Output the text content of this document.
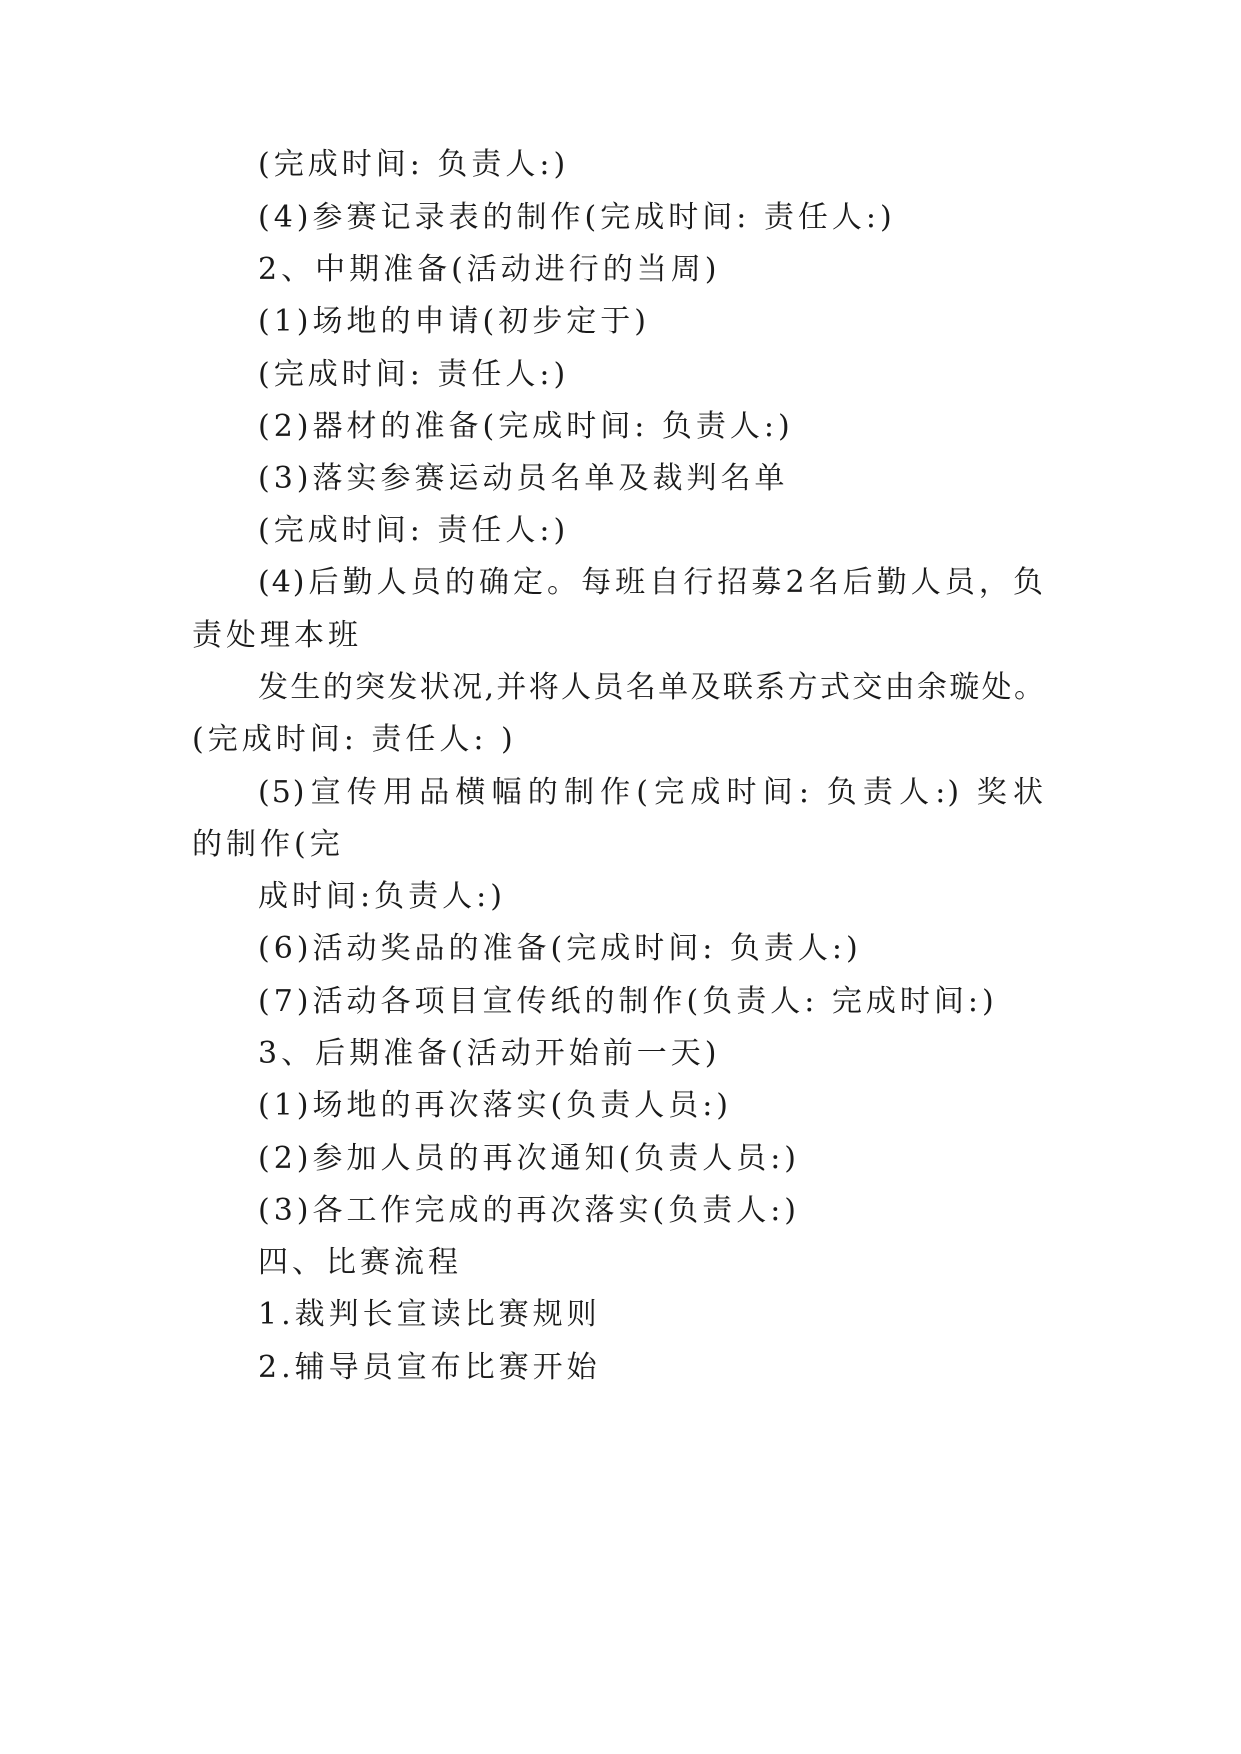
(完成时间: 负责人:)
(4)参赛记录表的制作(完成时间: 责任人:)
2、中期准备(活动进行的当周)
(1)场地的申请(初步定于)
(完成时间: 责任人:)
(2)器材的准备(完成时间: 负责人:)
(3)落实参赛运动员名单及裁判名单
(完成时间: 责任人:)
(4)后勤人员的确定。每班自行招募2名后勤人员，负
责处理本班
发生的突发状况,并将人员名单及联系方式交由余璇处。
(完成时间: 责任人: )
(5)宣传用品横幅的制作(完成时间: 负责人:) 奖状
的制作(完
成时间:负责人:)
(6)活动奖品的准备(完成时间: 负责人:)
(7)活动各项目宣传纸的制作(负责人: 完成时间:)
3、后期准备(活动开始前一天)
(1)场地的再次落实(负责人员:)
(2)参加人员的再次通知(负责人员:)
(3)各工作完成的再次落实(负责人:)
四、比赛流程
1.裁判长宣读比赛规则
2.辅导员宣布比赛开始
